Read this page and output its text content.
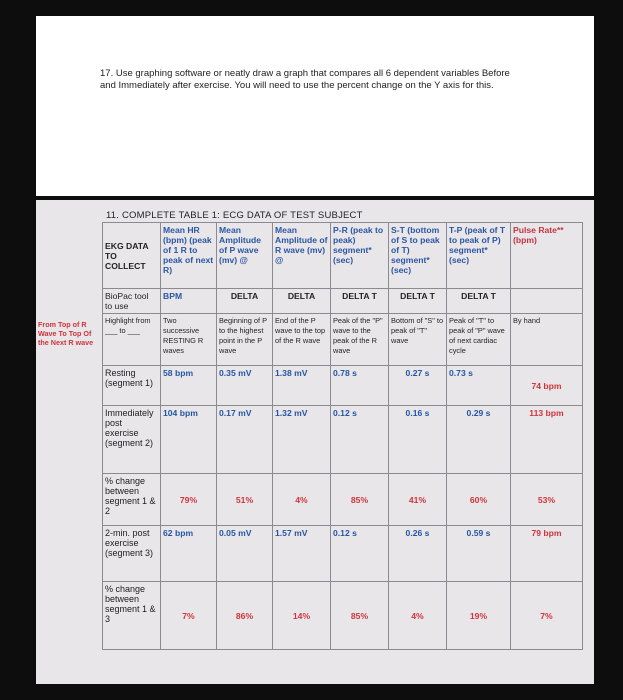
17. Use graphing software or neatly draw a graph that compares all 6 dependent variables Before and Immediately after exercise. You will need to use the percent change on the Y axis for this.
From Top of R Wave To Top Of the Next R wave
11. COMPLETE TABLE 1: ECG DATA OF TEST SUBJECT
EKG DATA TO COLLECT	Mean HR (bpm) (peak of 1 R to peak of next R)	Mean Amplitude of P wave (mv) @	Mean Amplitude of R wave (mv) @	P-R (peak to peak) segment* (sec)	S-T (bottom of S to peak of T) segment* (sec)	T-P (peak of T to peak of P) segment* (sec)	Pulse Rate** (bpm)
BioPac tool to use	BPM	DELTA	DELTA	DELTA T	DELTA T	DELTA T	
Highlight from ___ to ___	Two successive RESTING R waves	Beginning of P to the highest point in the P wave	End of the P wave to the top of the R wave	Peak of the "P" wave to the peak of the R wave	Bottom of "S" to peak of "T" wave	Peak of "T" to peak of "P" wave of next cardiac cycle	By hand
Resting (segment 1)	58 bpm	0.35 mV	1.38 mV	0.78 s	0.27 s	0.73 s	74 bpm
Immediately post exercise (segment 2)	104 bpm	0.17 mV	1.32 mV	0.12 s	0.16 s	0.29 s	113 bpm
% change between segment 1 & 2	79%	51%	4%	85%	41%	60%	53%
2-min. post exercise (segment 3)	62 bpm	0.05 mV	1.57 mV	0.12 s	0.26 s	0.59 s	79 bpm
% change between segment 1 & 3	7%	86%	14%	85%	4%	19%	7%
